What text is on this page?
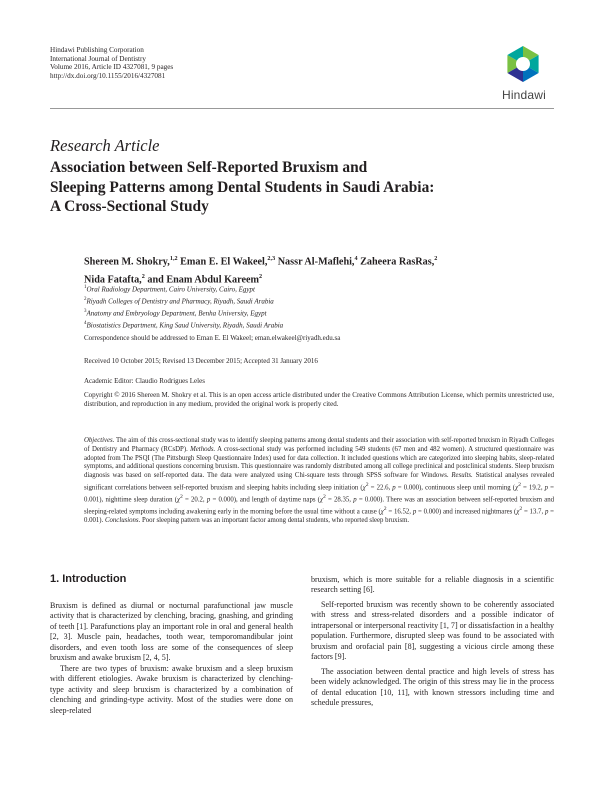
Hindawi Publishing Corporation
International Journal of Dentistry
Volume 2016, Article ID 4327081, 9 pages
http://dx.doi.org/10.1155/2016/4327081
Hindawi
Research Article
Association between Self-Reported Bruxism and
Sleeping Patterns among Dental Students in Saudi Arabia:
A Cross-Sectional Study
Shereen M. Shokry,$^{1,2}$ Eman E. El Wakeel,$^{2,3}$ Nassr Al-Maflehi,$^4$ Zaheera RasRas,$^2$
Nida Fatafta,$^2$ and Enam Abdul Kareem$^2$
$^1$Oral Radiology Department, Cairo University, Cairo, Egypt
$^2$Riyadh Colleges of Dentistry and Pharmacy, Riyadh, Saudi Arabia
$^3$Anatomy and Embryology Department, Benha University, Egypt
$^4$Biostatistics Department, King Saud University, Riyadh, Saudi Arabia
Correspondence should be addressed to Eman E. El Wakeel; eman.elwakeel@riyadh.edu.sa
Received 10 October 2015; Revised 13 December 2015; Accepted 31 January 2016
Academic Editor: Claudio Rodrigues Leles
Copyright © 2016 Shereen M. Shokry et al. This is an open access article distributed under the Creative Commons Attribution License, which permits unrestricted use, distribution, and reproduction in any medium, provided the original work is properly cited.
Objectives. The aim of this cross-sectional study was to identify sleeping patterns among dental students and their association with self-reported bruxism in Riyadh Colleges of Dentistry and Pharmacy (RCsDP). Methods. A cross-sectional study was performed including 549 students (67 men and 482 women). A structured questionnaire was adopted from The PSQI (The Pittsburgh Sleep Questionnaire Index) used for data collection. It included questions which are categorized into sleeping habits, sleep-related symptoms, and additional questions concerning bruxism. This questionnaire was randomly distributed among all college preclinical and postclinical students. Sleep bruxism diagnosis was based on self-reported data. The data were analyzed using Chi-square tests through SPSS software for Windows. Results. Statistical analyses revealed significant correlations between self-reported bruxism and sleeping habits including sleep initiation ($\chi^2 = 22.6$, p = 0.000), continuous sleep until morning ($\chi^2 = 19.2$, p = 0.001), nighttime sleep duration ($\chi^2 = 20.2$, p = 0.000), and length of daytime naps ($\chi^2 = 28.35$, p = 0.000). There was an association between self-reported bruxism and sleeping-related symptoms including awakening early in the morning before the usual time without a cause ($\chi^2 = 16.52$, p = 0.000) and increased nightmares ($\chi^2 = 13.7$, p = 0.001). Conclusions. Poor sleeping pattern was an important factor among dental students, who reported sleep bruxism.
1. Introduction

Bruxism is defined as diurnal or nocturnal parafunctional jaw muscle activity that is characterized by clenching, bracing, gnashing, and grinding of teeth [1]. Parafunctions play an important role in oral and general health [2, 3]. Muscle pain, headaches, tooth wear, temporomandibular joint disorders, and even tooth loss are some of the consequences of sleep bruxism and awake bruxism [2, 4, 5].

There are two types of bruxism: awake bruxism and a sleep bruxism with different etiologies. Awake bruxism is characterized by clenching-type activity and sleep bruxism is characterized by a combination of clenching and grinding-type activity. Most of the studies were done on sleep-related

bruxism, which is more suitable for a reliable diagnosis in a scientific research setting [6].

Self-reported bruxism was recently shown to be coherently associated with stress and stress-related disorders and a possible indicator of intrapersonal or interpersonal reactivity [1, 7] or dissatisfaction in a healthy population. Furthermore, disrupted sleep was found to be associated with bruxism and orofacial pain [8], suggesting a vicious circle among these factors [9].

The association between dental practice and high levels of stress has been widely acknowledged. The origin of this stress may lie in the process of dental education [10, 11], with known stressors including time and schedule pressures,
